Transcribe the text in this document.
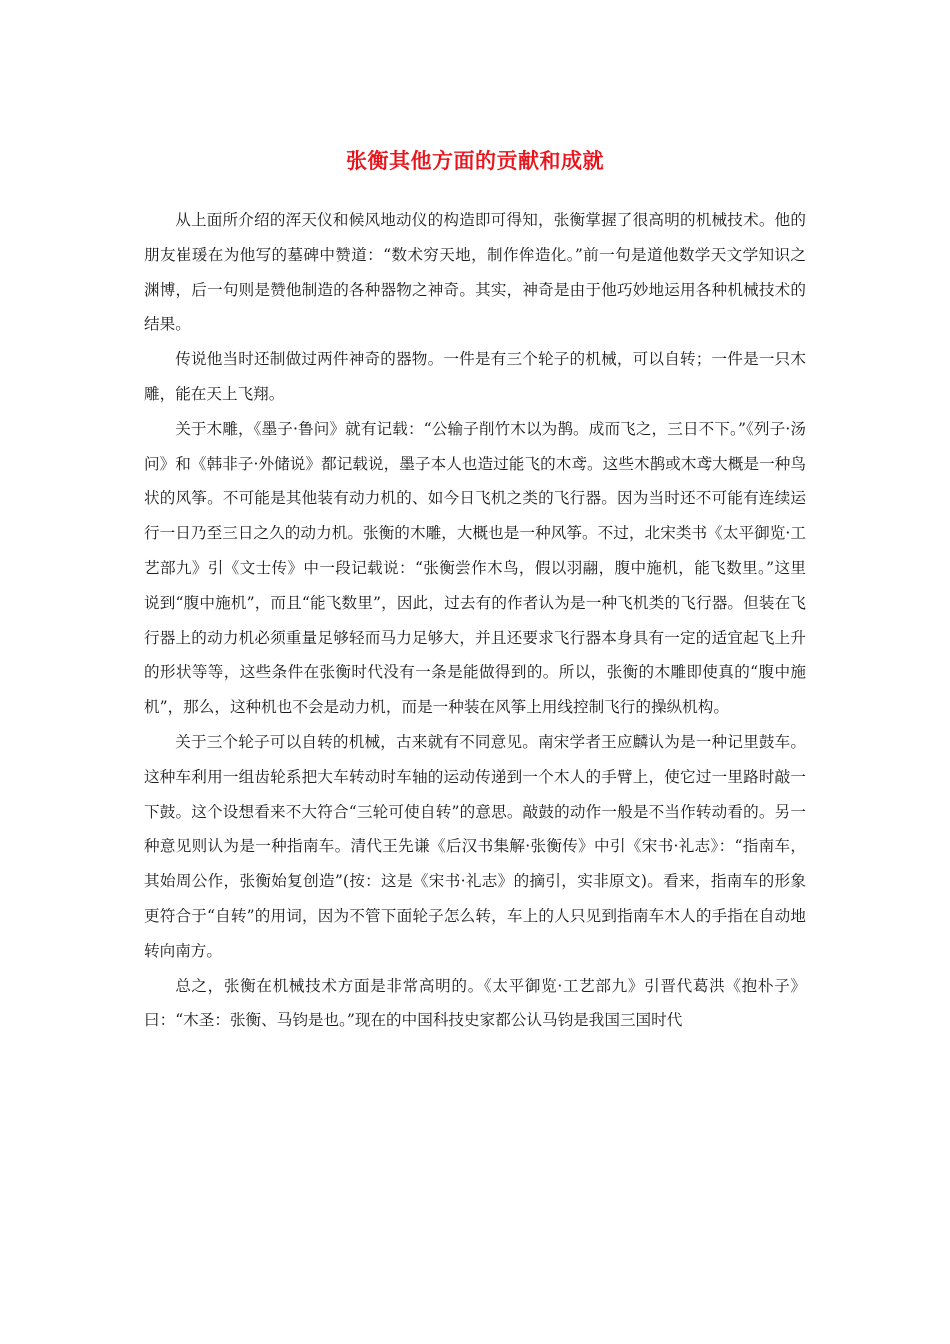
张衡其他方面的贡献和成就

从上面所介绍的浑天仪和候风地动仪的构造即可得知，张衡掌握了很高明的机械技术。他的朋友崔瑗在为他写的墓碑中赞道：“数术穷天地，制作侔造化。”前一句是道他数学天文学知识之渊博，后一句则是赞他制造的各种器物之神奇。其实，神奇是由于他巧妙地运用各种机械技术的结果。

传说他当时还制做过两件神奇的器物。一件是有三个轮子的机械，可以自转；一件是一只木雕，能在天上飞翔。

关于木雕，《墨子·鲁问》就有记载：“公输子削竹木以为鹊。成而飞之，三日不下。”《列子·汤问》和《韩非子·外储说》都记载说，墨子本人也造过能飞的木鸢。这些木鹊或木鸢大概是一种鸟状的风筝。不可能是其他装有动力机的、如今日飞机之类的飞行器。因为当时还不可能有连续运行一日乃至三日之久的动力机。张衡的木雕，大概也是一种风筝。不过，北宋类书《太平御览·工艺部九》引《文士传》中一段记载说：“张衡尝作木鸟，假以羽翮，腹中施机，能飞数里。”这里说到“腹中施机”，而且“能飞数里”，因此，过去有的作者认为是一种飞机类的飞行器。但装在飞行器上的动力机必须重量足够轻而马力足够大，并且还要求飞行器本身具有一定的适宜起飞上升的形状等等，这些条件在张衡时代没有一条是能做得到的。所以，张衡的木雕即使真的“腹中施机”，那么，这种机也不会是动力机，而是一种装在风筝上用线控制飞行的操纵机构。

关于三个轮子可以自转的机械，古来就有不同意见。南宋学者王应麟认为是一种记里鼓车。这种车利用一组齿轮系把大车转动时车轴的运动传递到一个木人的手臂上，使它过一里路时敲一下鼓。这个设想看来不大符合“三轮可使自转”的意思。敲鼓的动作一般是不当作转动看的。另一种意见则认为是一种指南车。清代王先谦《后汉书集解·张衡传》中引《宋书·礼志》：“指南车，其始周公作，张衡始复创造”(按：这是《宋书·礼志》的摘引，实非原文)。看来，指南车的形象更符合于“自转”的用词，因为不管下面轮子怎么转，车上的人只见到指南车木人的手指在自动地转向南方。

总之，张衡在机械技术方面是非常高明的。《太平御览·工艺部九》引晋代葛洪《抱朴子》曰：“木圣：张衡、马钧是也。”现在的中国科技史家都公认马钧是我国三国时代
